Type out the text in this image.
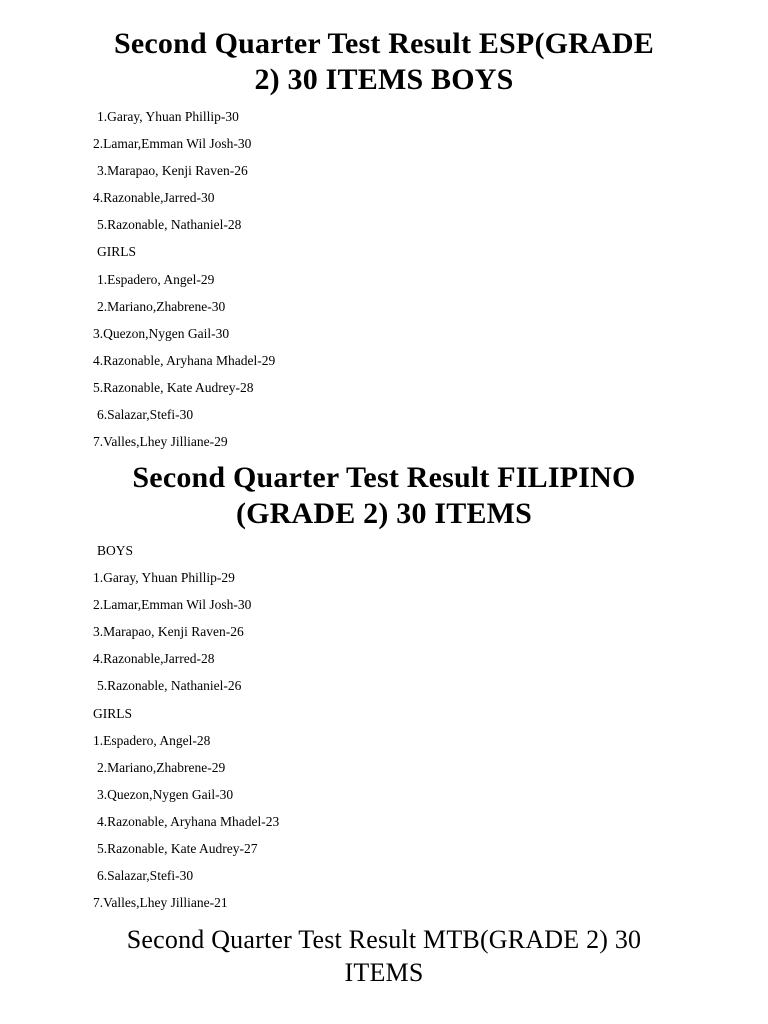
Second Quarter Test Result ESP(GRADE
2) 30 ITEMS BOYS
1.Garay, Yhuan Phillip-30
2.Lamar,Emman Wil Josh-30
3.Marapao, Kenji Raven-26
4.Razonable,Jarred-30
5.Razonable, Nathaniel-28
GIRLS
1.Espadero, Angel-29
2.Mariano,Zhabrene-30
3.Quezon,Nygen Gail-30
4.Razonable, Aryhana Mhadel-29
5.Razonable, Kate Audrey-28
6.Salazar,Stefi-30
7.Valles,Lhey Jilliane-29
Second Quarter Test Result FILIPINO
(GRADE 2) 30 ITEMS
BOYS
1.Garay, Yhuan Phillip-29
2.Lamar,Emman Wil Josh-30
3.Marapao, Kenji Raven-26
4.Razonable,Jarred-28
5.Razonable, Nathaniel-26
GIRLS
1.Espadero, Angel-28
2.Mariano,Zhabrene-29
3.Quezon,Nygen Gail-30
4.Razonable, Aryhana Mhadel-23
5.Razonable, Kate Audrey-27
6.Salazar,Stefi-30
7.Valles,Lhey Jilliane-21
Second Quarter Test Result MTB(GRADE 2) 30
ITEMS
